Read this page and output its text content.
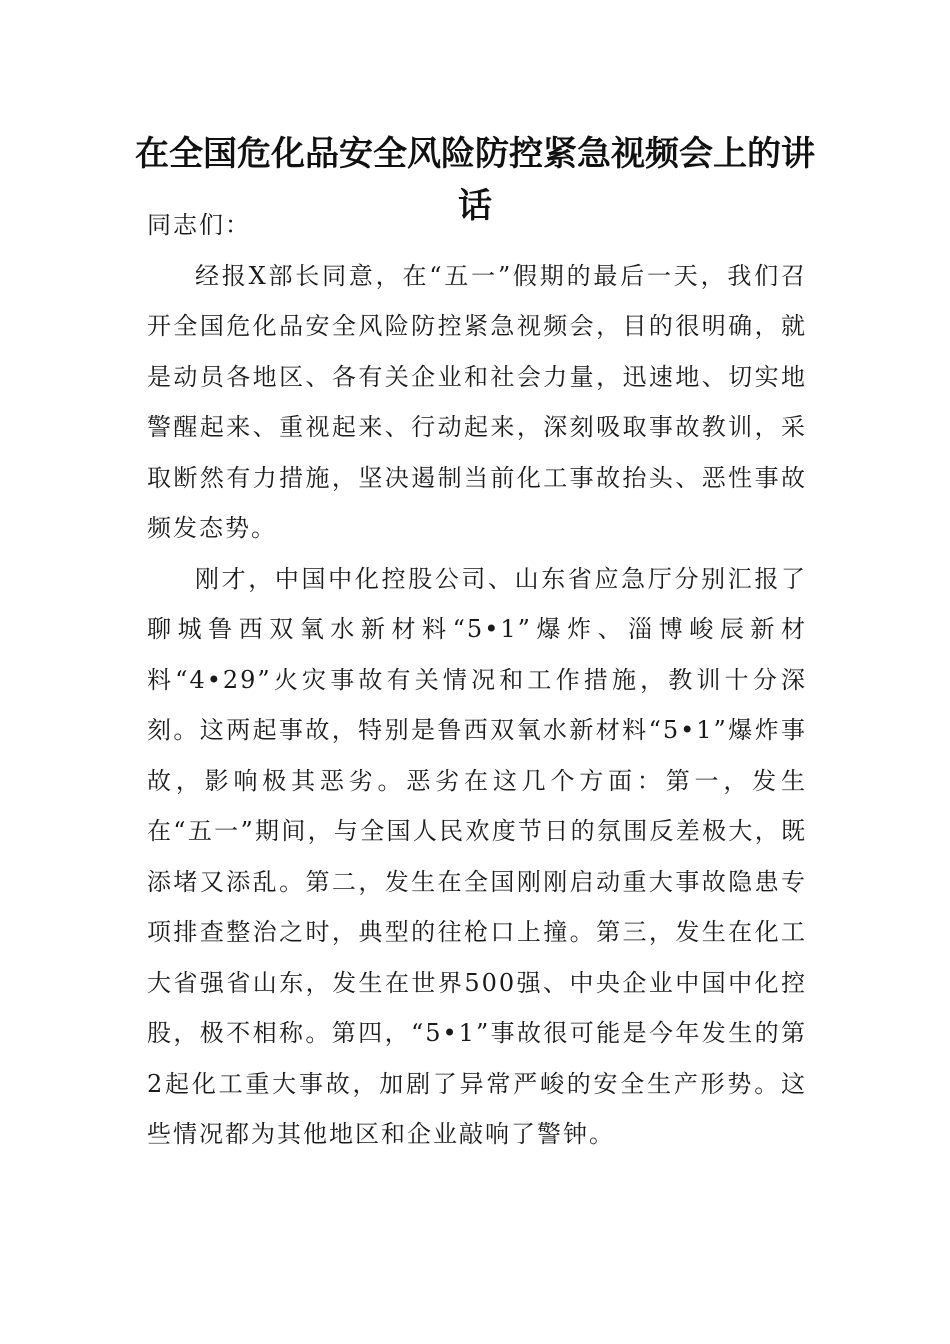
在全国危化品安全风险防控紧急视频会上的讲话

同志们：

经报X部长同意，在“五一”假期的最后一天，我们召开全国危化品安全风险防控紧急视频会，目的很明确，就是动员各地区、各有关企业和社会力量，迅速地、切实地警醒起来、重视起来、行动起来，深刻吸取事故教训，采取断然有力措施，坚决遏制当前化工事故抬头、恶性事故频发态势。

刚才，中国中化控股公司、山东省应急厅分别汇报了聊城鲁西双氧水新材料“5•1”爆炸、淄博峻辰新材料“4•29”火灾事故有关情况和工作措施，教训十分深刻。这两起事故，特别是鲁西双氧水新材料“5•1”爆炸事故，影响极其恶劣。恶劣在这几个方面：第一，发生在“五一”期间，与全国人民欢度节日的氛围反差极大，既添堵又添乱。第二，发生在全国刚刚启动重大事故隐患专项排查整治之时，典型的往枪口上撞。第三，发生在化工大省强省山东，发生在世界500强、中央企业中国中化控股，极不相称。第四，“5•1”事故很可能是今年发生的第2起化工重大事故，加剧了异常严峻的安全生产形势。这些情况都为其他地区和企业敲响了警钟。
